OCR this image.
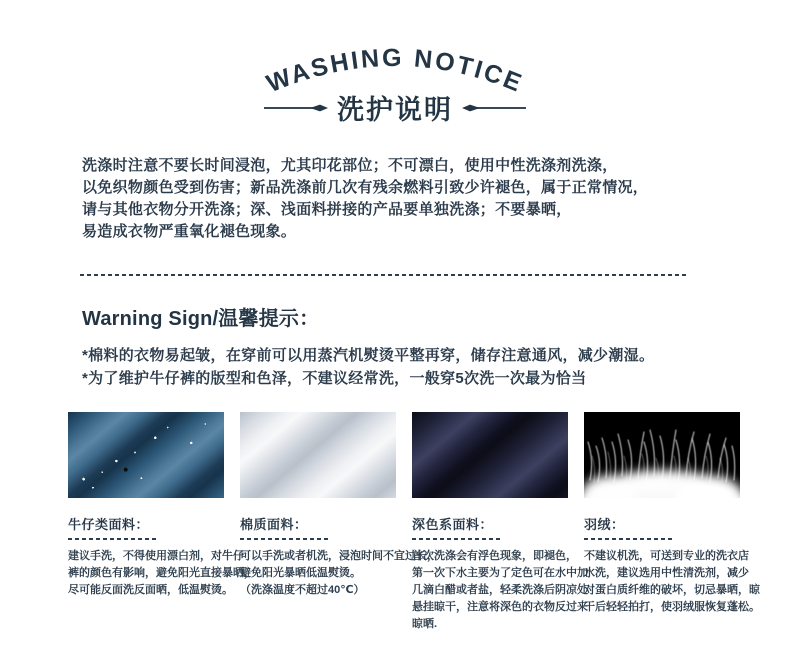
WASHING NOTICE
洗护说明
洗涤时注意不要长时间浸泡，尤其印花部位；不可漂白，使用中性洗涤剂洗涤，
以免织物颜色受到伤害；新品洗涤前几次有残余燃料引致少许褪色，属于正常情况，
请与其他衣物分开洗涤；深、浅面料拼接的产品要单独洗涤；不要暴晒，
易造成衣物严重氧化褪色现象。
Warning Sign/温馨提示：
*棉料的衣物易起皱，在穿前可以用蒸汽机熨烫平整再穿，储存注意通风，减少潮湿。
*为了维护牛仔裤的版型和色泽，不建议经常洗，一般穿5次洗一次最为恰当
牛仔类面料：
建议手洗，不得使用漂白剂，对牛仔
裤的颜色有影响，避免阳光直接暴晒，
尽可能反面洗反面晒，低温熨烫。
棉质面料：
可以手洗或者机洗，浸泡时间不宜过长，
避免阳光暴晒低温熨烫。
（洗涤温度不超过40℃）
深色系面料：
首次洗涤会有浮色现象，即褪色，
第一次下水主要为了定色可在水中加
几滴白醋或者盐，轻柔洗涤后阴凉处
悬挂晾干，注意将深色的衣物反过来
晾晒.
羽绒：
不建议机洗，可送到专业的洗衣店
水洗，建议选用中性清洗剂，减少
对蛋白质纤维的破坏，切忌暴晒，晾
干后轻轻拍打，使羽绒服恢复蓬松。
